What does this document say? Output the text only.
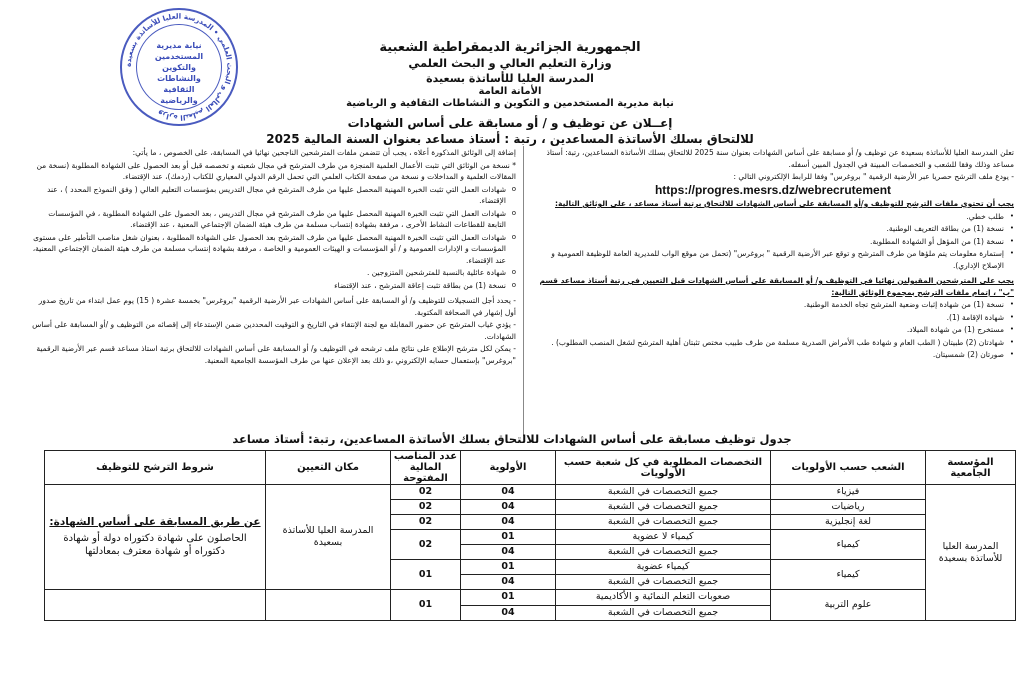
وزارة التعليم العالي و البحث العلمي • المدرسة العليا للأساتذة بسعيدة
نيابة مديرية
المستخدمين والتكوين
والنشاطات الثقافية
والرياضية
الجمهورية الجزائرية الديمقراطية الشعبية
وزارة التعليم العالي و البحث العلمي
المدرسة العليا للأساتذة بسعيدة
الأمانة العامة
نيابة مديرية المستخدمين و التكوين و النشاطات الثقافية و الرياضية
إعــلان عن توظيف و / أو مسابقة على أساس الشهادات
للالتحاق بسلك الأساتذة المساعدين ، رتبة : أستاذ مساعد بعنوان السنة المالية 2025

تعلن المدرسة العليا للأساتذة بسعيدة عن توظيف و/ أو مسابقة على أساس الشهادات بعنوان سنة 2025 للالتحاق بسلك الأساتذة المساعدين، رتبة: أستاذ مساعد وذلك وفقا للشعب و التخصصات المبينة في الجدول المبين أسفله.

- يودع ملف الترشح حصريا عبر الأرضية الرقمية " بروغرس" وفقا للرابط الإلكتروني التالي :

https://progres.mesrs.dz/webrecrutement

يجب أن تحتوي ملفات الترشح للتوظيف و/أو المسابقة على أساس الشهادات للالتحاق برتبة أستاذ مساعد ، على الوثائق التالية:

• طلب خطي.
• نسخة (1) من بطاقة التعريف الوطنية.
• نسخة (1) من المؤهل أو الشهادة المطلوبة.
• إستمارة معلومات يتم ملؤها من طرف المترشح و توقع عبر الأرضية الرقمية " بروغرس" (تحمل من موقع الواب للمديرية العامة للوظيفة العمومية و الإصلاح الإداري).

يجب على المترشحين المقبولين نهائيا في التوظيف و/ أو المسابقة على أساس الشهادات قبل التعيين في رتبة أستاذ مساعد قسم "ب" ، إتمام ملفات الترشح بمجموع الوثائق التالية:

• نسخة (1) من شهادة إثبات وضعية المترشح تجاه الخدمة الوطنية.
• شهادة الإقامة (1).
• مستخرج (1) من شهادة الميلاد.
• شهادتان (2) طبيتان ( الطب العام و شهادة طب الأمراض الصدرية مسلمة من طرف طبيب مختص تثبتان أهلية المترشح لشغل المنصب المطلوب) .
• صورتان (2) شمسيتان.

إضافة إلى الوثائق المذكورة أعلاه ، يجب أن تتضمن ملفات المترشحين الناجحين نهائيا في المسابقة، على الخصوص ، ما يأتي:

* نسخة من الوثائق التي تثبت الأعمال العلمية المنجزة من طرف المترشح في مجال شعبته و تخصصه قبل أو بعد الحصول على الشهادة المطلوبة (نسخة من المقالات العلمية و المداخلات و نسخة من صفحة الكتاب العلمي التي تحمل الرقم الدولي المعياري للكتاب (ردمك)، عند الإقتضاء.

o شهادات العمل التي تثبت الخبرة المهنية المحصل عليها من طرف المترشح في مجال التدريس بمؤسسات التعليم العالي ( وفق النموذج المحدد ) ، عند الإقتضاء.
o شهادات العمل التي تثبت الخبرة المهنية المحصل عليها من طرف المترشح في مجال التدريس ، بعد الحصول على الشهادة المطلوبة ، في المؤسسات التابعة للقطاعات النشاط الأخرى ، مرفقة بشهادة إنتساب مسلمة من طرف هيئة الضمان الإجتماعي المعنية ، عند الإقتضاء.
o شهادات العمل التي تثبت الخبرة المهنية المحصل عليها من طرف المترشح بعد الحصول على الشهادة المطلوبة ، بعنوان شغل مناصب التأطير على مستوى المؤسسات و الإدارات العمومية و / أو المؤسسات و الهيئات العمومية و الخاصة ، مرفقة بشهادة إنتساب مسلمة من طرف هيئة الضمان الإجتماعي المعنية، عند الإقتضاء.
o شهادة عائلية بالنسبة للمترشحين المتزوجين .
o نسخة (1) من بطاقة تثبت إعاقة المترشح ، عند الإقتضاء

- يحدد أجل التسجيلات للتوظيف و/ أو المسابقة على أساس الشهادات عبر الأرضية الرقمية "بروغرس" بخمسة عشرة ( 15) يوم عمل ابتداء من تاريخ صدور أول إشهار في الصحافة المكتوبة.

- يؤدي غياب المترشح عن حضور المقابلة مع لجنة الإنتقاء في التاريخ و التوقيت المحددين ضمن الإستدعاء إلى إقصائه من التوظيف و /أو المسابقة على أساس الشهادات.

- يمكن لكل مترشح الإطلاع على نتائج ملف ترشحه في التوظيف و/ أو المسابقة على أساس الشهادات للالتحاق برتبة استاذ مساعد قسم عبر الأرضية الرقمية "بروغرس" بإستعمال حسابه الإلكتروني ،و ذلك بعد الإعلان عنها من طرف المؤسسة الجامعية المعنية.

جدول توظيف مسابقة على أساس الشهادات للالتحاق بسلك الأساتذة المساعدين، رتبة: أستاذ مساعد
المؤسسة الجامعية	الشعب حسب الأولويات	التخصصات المطلوبة في كل شعبة حسب الأولويات	الأولوية	عدد المناصب المالية المفتوحة	مكان التعيين	شروط الترشح للتوظيف
المدرسة العليا للأساتذة بسعيدة	فيزياء	جميع التخصصات في الشعبة	04	02	المدرسة العليا للأساتذة بسعيدة	عن طريق المسابقة على أساس الشهادة:
الحاصلون على شهادة دكتوراه دولة أو شهادة دكتوراه أو شهادة معترف بمعادلتها
	رياضيات	جميع التخصصات في الشعبة	04	02		
	لغة إنجليزية	جميع التخصصات في الشعبة	04	02		
	كيمياء	كيمياء لا عضوية	01	02		
		جميع التخصصات في الشعبة	04			
	كيمياء	كيمياء عضوية	01	01		
		جميع التخصصات في الشعبة	04			
	علوم التربية	صعوبات التعلم النمائية و الأكاديمية	01	01		
		جميع التخصصات في الشعبة	04			
